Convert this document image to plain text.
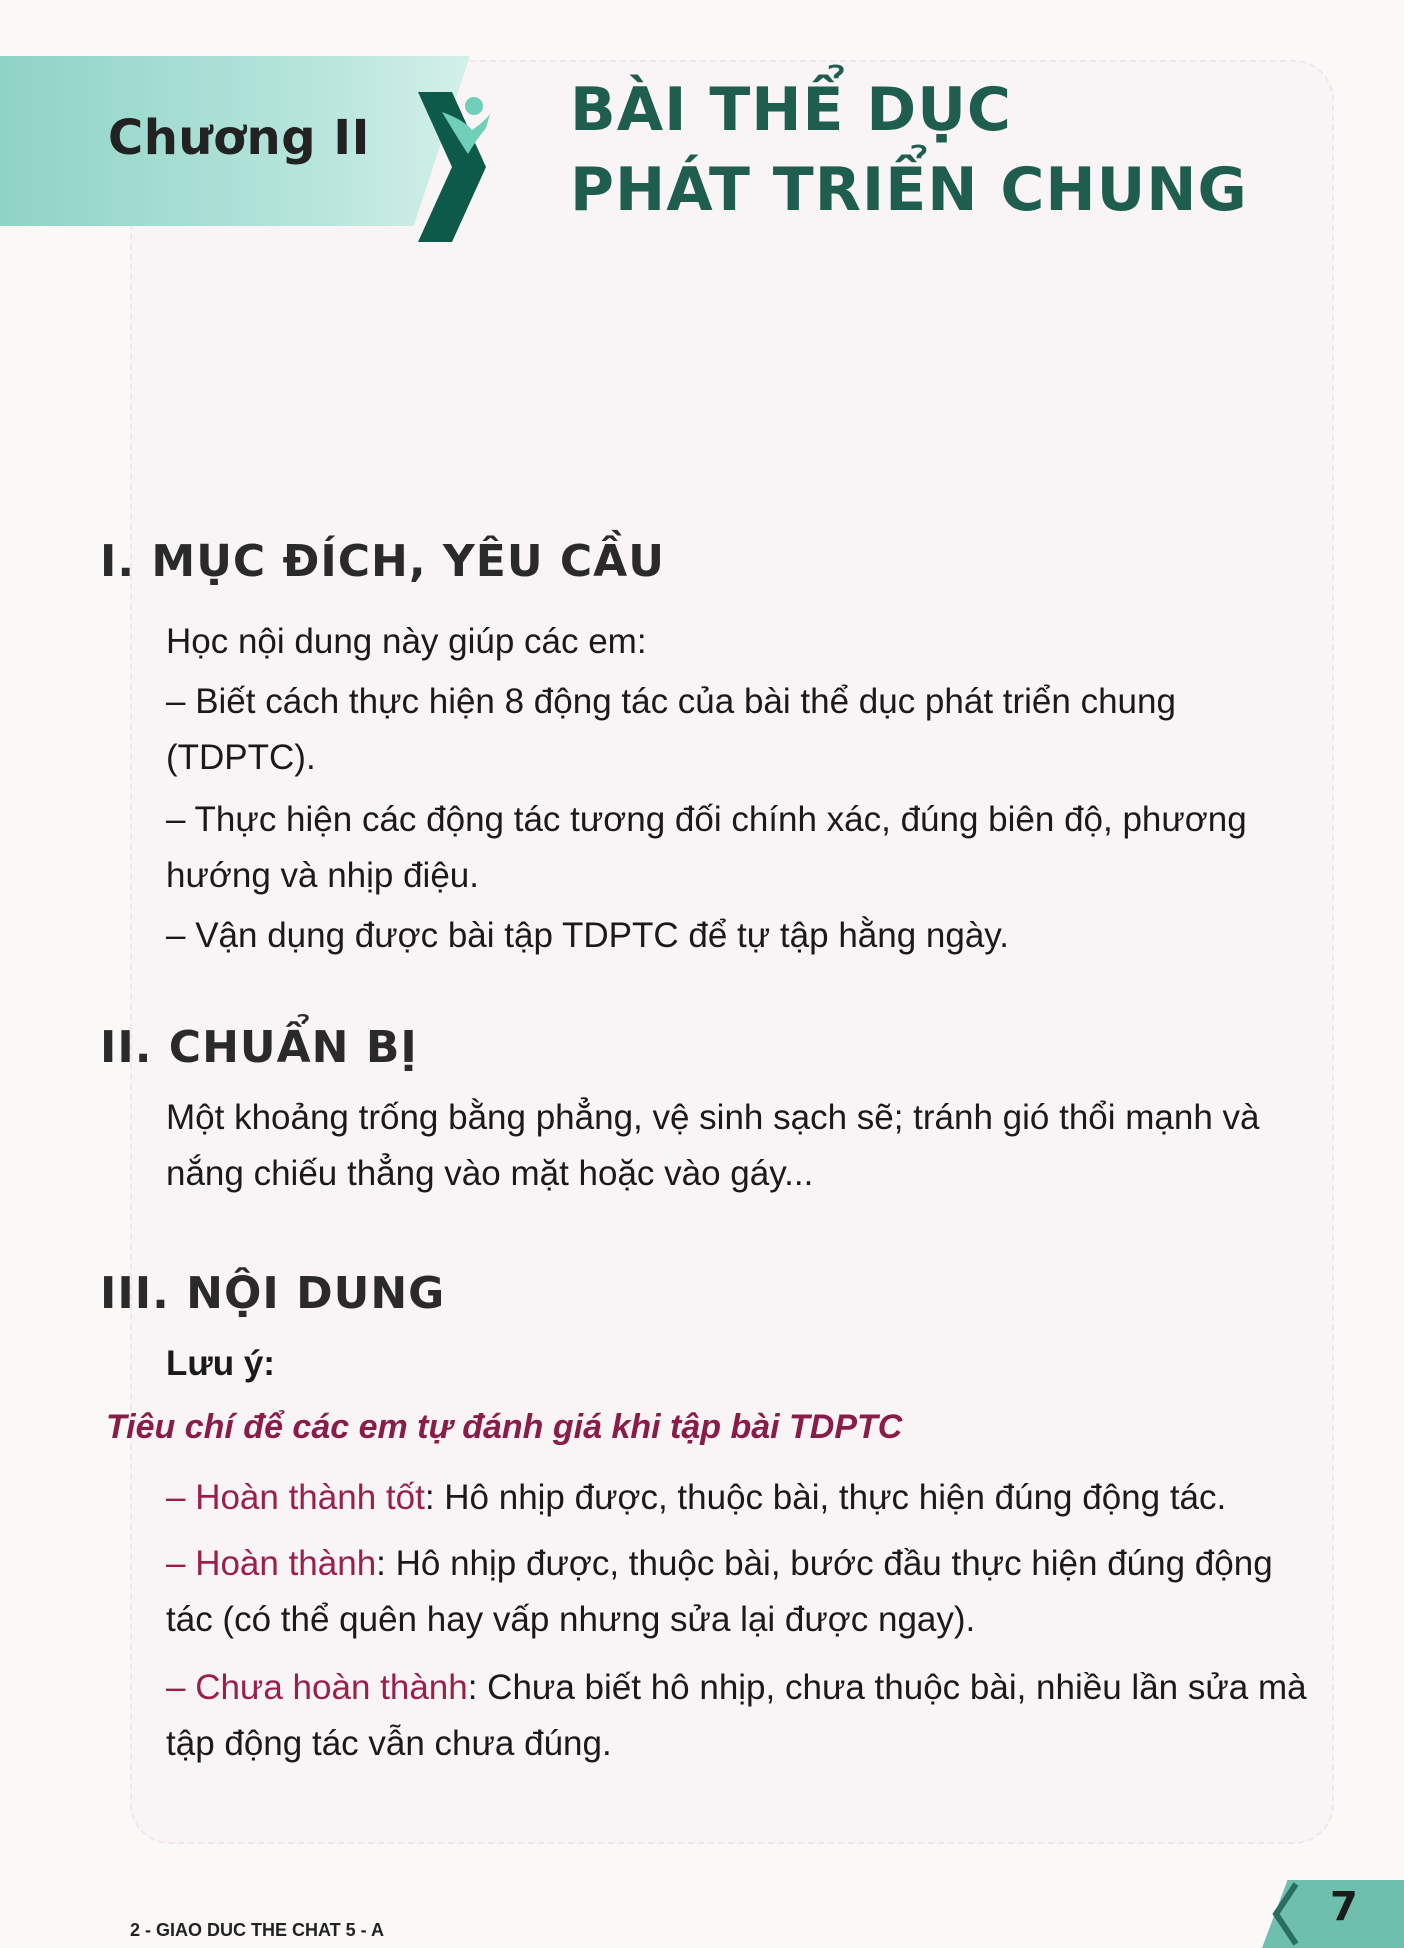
Chương II	BÀI THỂ DỤC
PHÁT TRIỂN CHUNG
I. MỤC ĐÍCH, YÊU CẦU

Học nội dung này giúp các em:

– Biết cách thực hiện 8 động tác của bài thể dục phát triển chung (TDPTC).

– Thực hiện các động tác tương đối chính xác, đúng biên độ, phương hướng và nhịp điệu.

– Vận dụng được bài tập TDPTC để tự tập hằng ngày.

II. CHUẨN BỊ

Một khoảng trống bằng phẳng, vệ sinh sạch sẽ; tránh gió thổi mạnh và nắng chiếu thẳng vào mặt hoặc vào gáy...

III. NỘI DUNG
Lưu ý:
Tiêu chí để các em tự đánh giá khi tập bài TDPTC

– Hoàn thành tốt: Hô nhịp được, thuộc bài, thực hiện đúng động tác.

– Hoàn thành: Hô nhịp được, thuộc bài, bước đầu thực hiện đúng động tác (có thể quên hay vấp nhưng sửa lại được ngay).

– Chưa hoàn thành: Chưa biết hô nhịp, chưa thuộc bài, nhiều lần sửa mà tập động tác vẫn chưa đúng.

2 - GIAO DUC THE CHAT 5 - A	7
